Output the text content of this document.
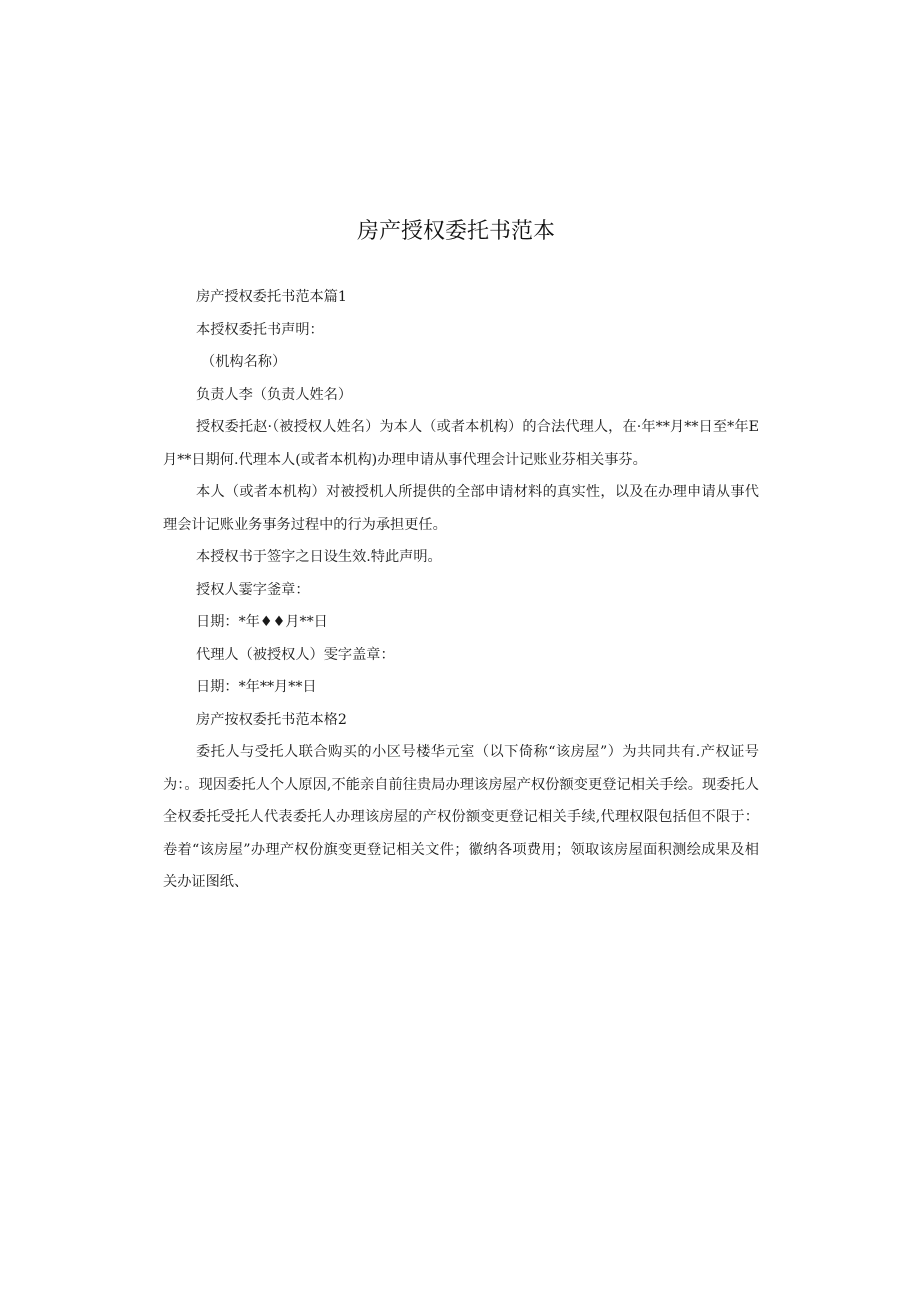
房产授权委托书范本

房产授权委托书范本篇1

本授权委托书声明：

（机构名称）

负责人李（负责人姓名）

授权委托赵·（被授权人姓名）为本人（或者本机构）的合法代理人，在·年**月**日至*年E月**日期何.代理本人(或者本机构)办理申请从事代理会计记账业芬相关事芬。

本人（或者本机构）对被授机人所提供的全部申请材料的真实性，以及在办理申请从事代理会计记账业务事务过程中的行为承担更任。

本授权书于签字之日设生效.特此声明。

授权人霎字釜章：

日期：*年♦♦月**日

代理人（被授权人）雯字盖章：

日期：*年**月**日

房产按权委托书范本格2

委托人与受托人联合购买的小区号楼华元室（以下倚称“该房屋”）为共同共有.产权证号为：。现因委托人个人原因,不能亲自前往贵局办理该房屋产权份额变更登记相关手绘。现委托人全权委托受托人代表委托人办理该房屋的产权份额变更登记相关手续,代理权限包括但不限于：卷着“该房屋”办理产权份旗变更登记相关文件；徽纳各项费用；领取该房屋面积测绘成果及相关办证图纸、
